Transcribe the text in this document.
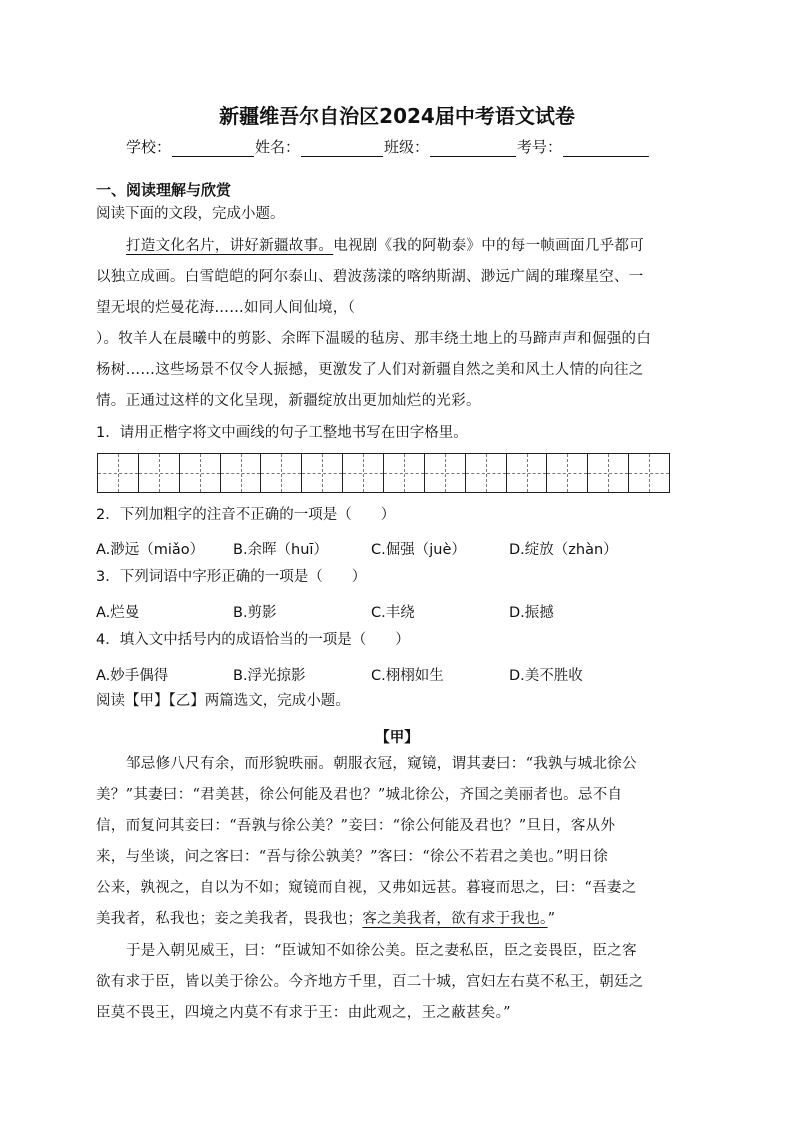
新疆维吾尔自治区2024届中考语文试卷
学校：	姓名：	班级：	考号：
一、阅读理解与欣赏
阅读下面的文段，完成小题。
打造文化名片，讲好新疆故事。电视剧《我的阿勒泰》中的每一帧画面几乎都可
以独立成画。白雪皑皑的阿尔泰山、碧波荡漾的喀纳斯湖、渺远广阔的璀璨星空、一
望无垠的烂曼花海……如同人间仙境，（
）。牧羊人在晨曦中的剪影、余晖下温暖的毡房、那丰绕土地上的马蹄声声和倔强的白
杨树……这些场景不仅令人振撼，更激发了人们对新疆自然之美和风土人情的向往之
情。正通过这样的文化呈现，新疆绽放出更加灿烂的光彩。
1．请用正楷字将文中画线的句子工整地书写在田字格里。
2．下列加粗字的注音不正确的一项是（　　）
A.渺远（miǎo） B.余晖（huī）	C.倔强（juè）	D.绽放（zhàn）
3．下列词语中字形正确的一项是（　　）
A.烂曼	B.剪影	C.丰绕	D.振撼
4．填入文中括号内的成语恰当的一项是（　　）
A.妙手偶得	B.浮光掠影	C.栩栩如生	D.美不胜收
阅读【甲】【乙】两篇选文，完成小题。
【甲】
邹忌修八尺有余，而形貌昳丽。朝服衣冠，窥镜，谓其妻曰：“我孰与城北徐公
美？”其妻曰：“君美甚，徐公何能及君也？”城北徐公，齐国之美丽者也。忌不自
信，而复问其妾曰：“吾孰与徐公美？”妾曰：“徐公何能及君也？”旦日，客从外
来，与坐谈，问之客曰：“吾与徐公孰美？”客曰：“徐公不若君之美也。”明日徐
公来，孰视之，自以为不如；窥镜而自视，又弗如远甚。暮寝而思之，曰：“吾妻之
美我者，私我也；妾之美我者，畏我也；客之美我者，欲有求于我也。”
于是入朝见威王，曰：“臣诚知不如徐公美。臣之妻私臣，臣之妾畏臣，臣之客
欲有求于臣，皆以美于徐公。今齐地方千里，百二十城，宫妇左右莫不私王，朝廷之
臣莫不畏王，四境之内莫不有求于王：由此观之，王之蔽甚矣。”
